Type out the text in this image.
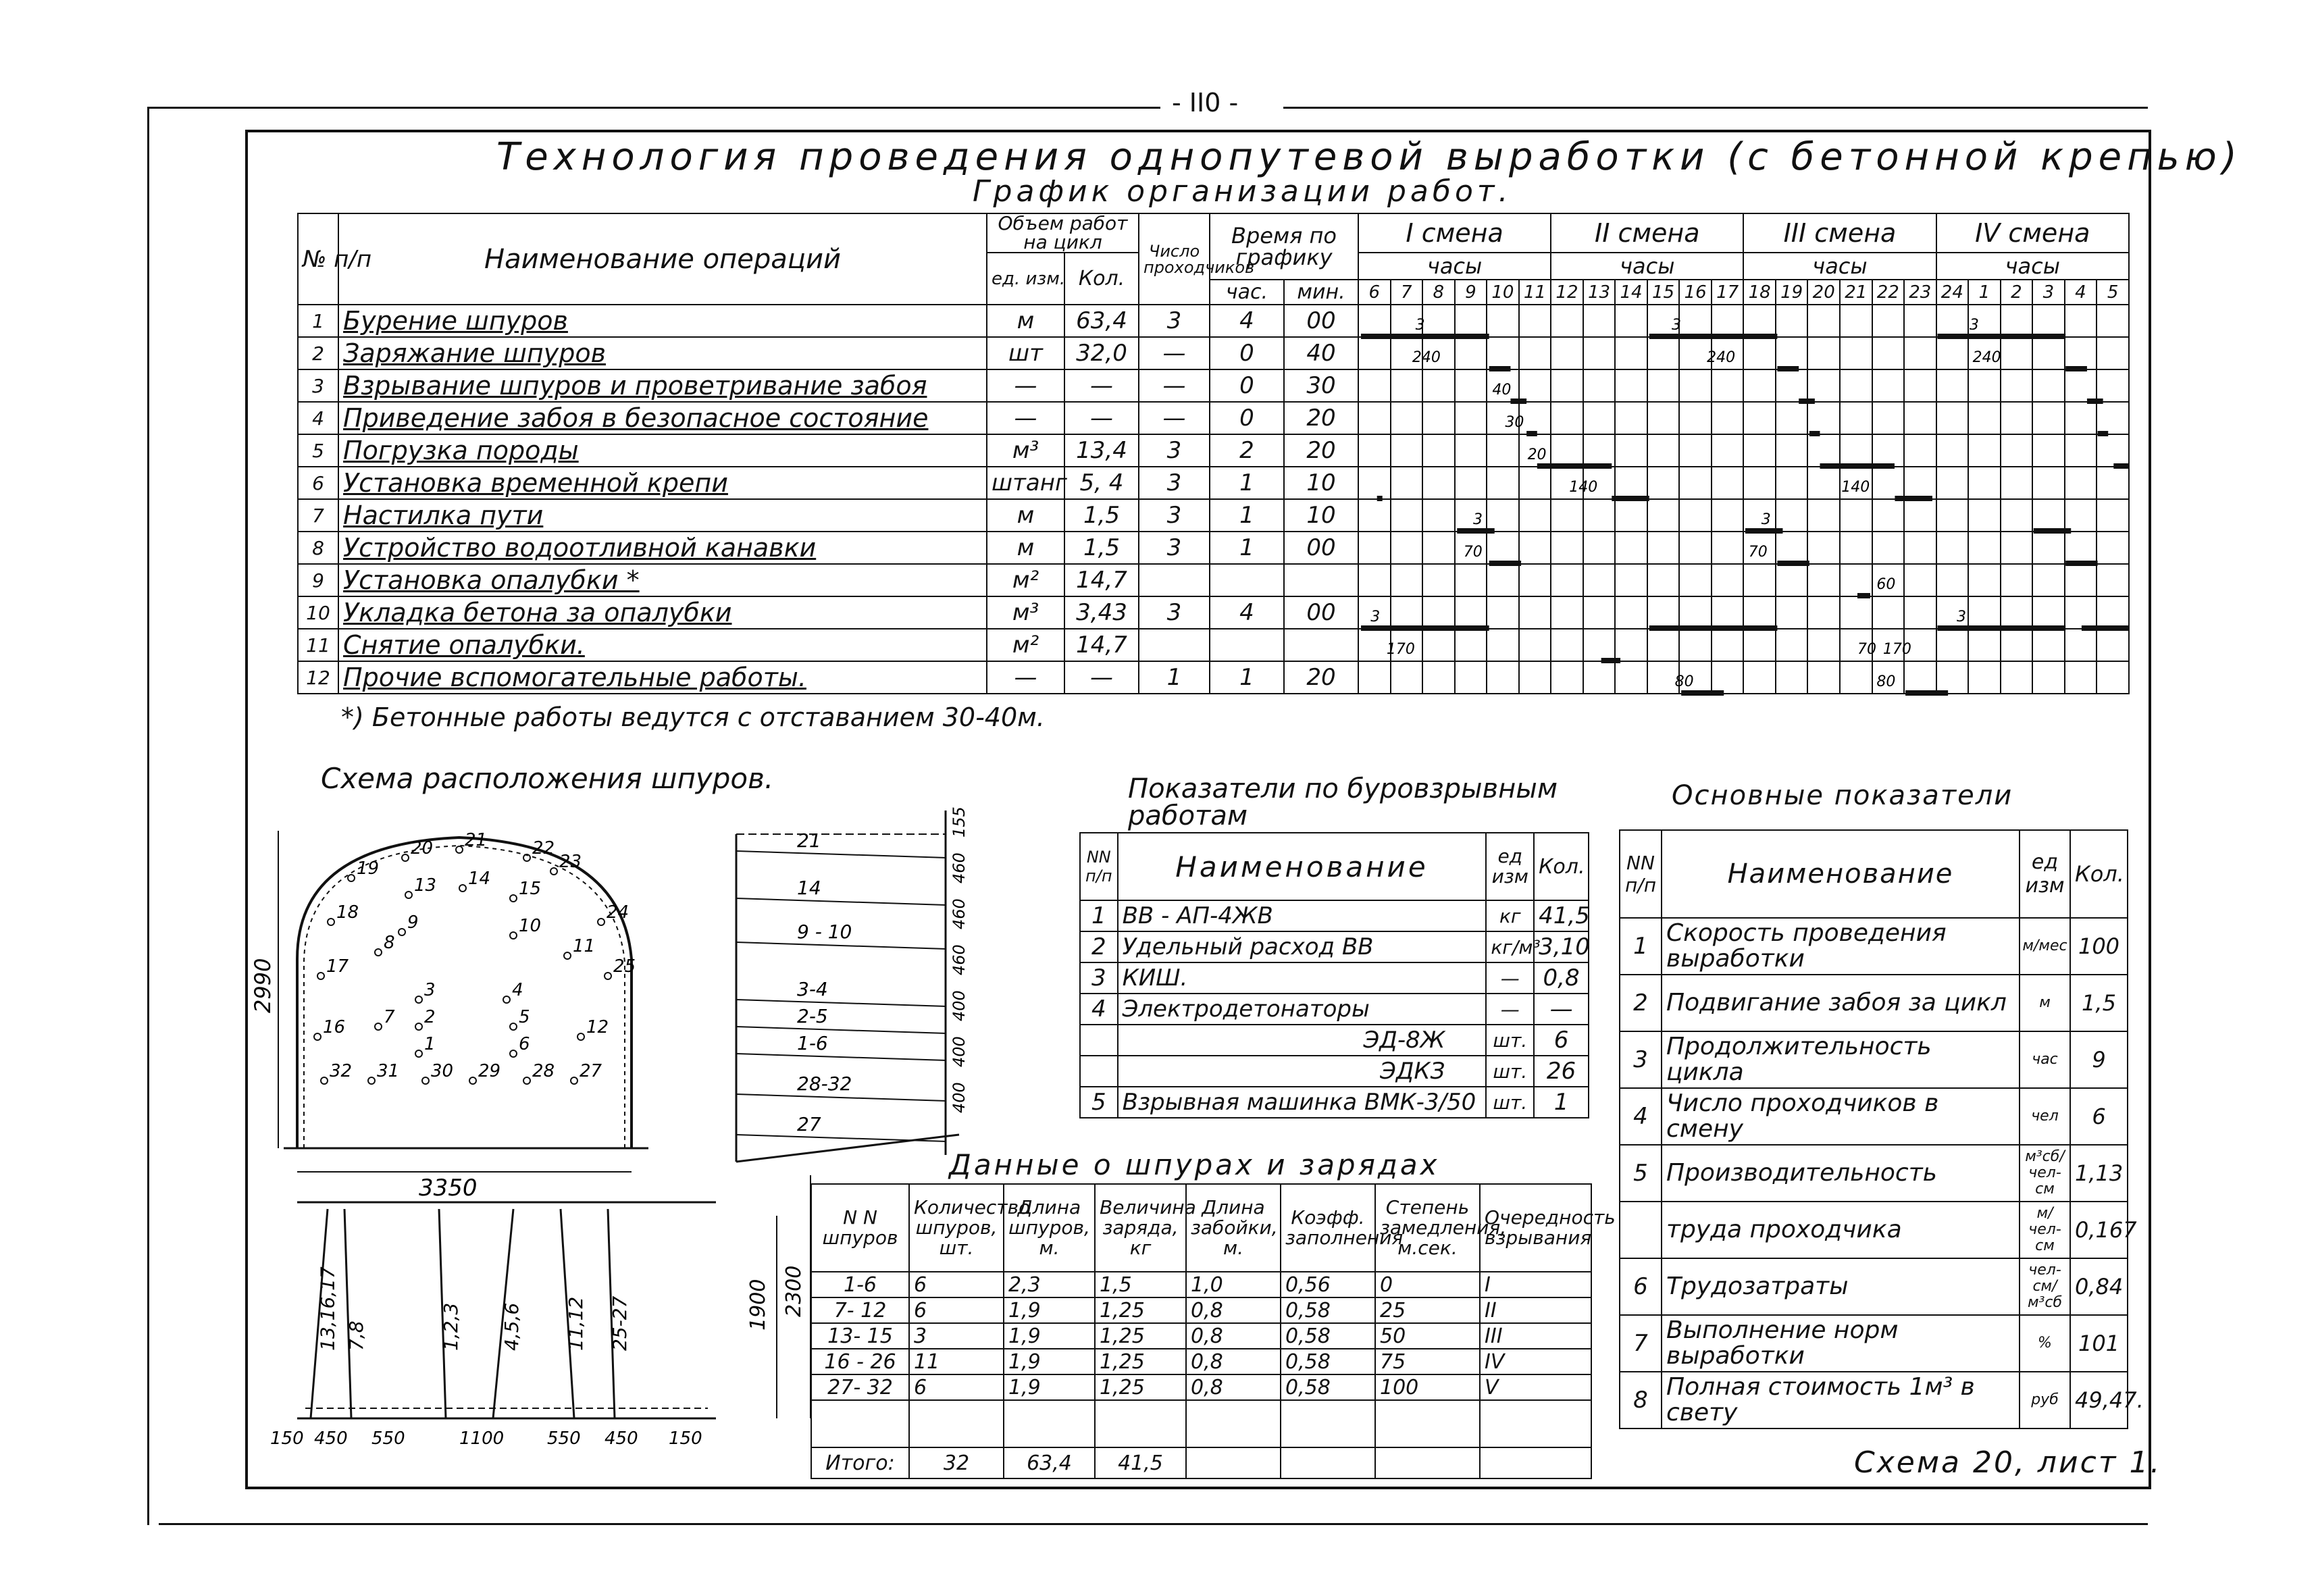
- II0 -
Технология проведения однопутевой выработки (с бетонной крепью)
График организации работ.
№ п/п	Наименование операций	Объем работ на цикл		Число проходчиков	Время по графику		I смена						II смена						III смена						IV смена					
		ед. изм.	Кол.				часы						часы						часы						часы					
					час.	мин.	6	7	8	9	10	11	12	13	14	15	16	17	18	19	20	21	22	23	24	1	2	3	4	5
1	Бурение шпуров	м	63,4	3	4	00																								
2	Заряжание шпуров	шт	32,0	—	0	40																								
3	Взрывание шпуров и проветривание забоя	—	—	—	0	30																								
4	Приведение забоя в безопасное состояние	—	—	—	0	20																								
5	Погрузка породы	м³	13,4	3	2	20																								
6	Установка временной крепи	штанг	5, 4	3	1	10																								
7	Настилка пути	м	1,5	3	1	10																								
8	Устройство водоотливной канавки	м	1,5	3	1	00																								
9	Установка опалубки *	м²	14,7																											
10	Укладка бетона за опалубки	м³	3,43	3	4	00																								
11	Снятие опалубки.	м²	14,7																											
12	Прочие вспомогательные работы.	—	—	1	1	20																								
*) Бетонные работы ведутся с отставанием 30-40м.
3
240
40
30
20
140
3
70
3
170
80
3
240
140
3
70
170
80
3
240
60
3
70
Схема расположения шпуров.
3350
2990
20 21	22
19	23
14
13	15
18	24
9	10
17
8	11
25
3	4
16 7 2	5	12
1	6
32 31 30 29 28 27
21
14
9 - 10
3-4
2-5
1-6
28-32
27
155
460
460
460
400
400
400
13,16,17 7,8	1,2,3 4,5,6 11,12 25-27
150 450 550	1100 550 450 150
1900 2300
Показатели по буровзрывным работам
NN п/п	Наименование	ед изм	Кол.
1	ВВ - АП-4ЖВ	кг	41,5
2	Удельный расход ВВ	кг/м³	3,10
3	КИШ.	—	0,8
4	Электродетонаторы	—	—
	ЭД-8Ж	шт.	6
	ЭДКЗ	шт.	26
5	Взрывная машинка ВМК-3/50	шт.	1
Данные о шпурах и зарядах
N N шпуров	Количество шпуров, шт.	Длина шпуров, м.	Величина заряда, кг	Длина забойки, м.	Коэфф. заполнения	Степень замедления, м.сек.	Очередность взрывания
1-6	6	2,3	1,5	1,0	0,56	0	I
7- 12	6	1,9	1,25	0,8	0,58	25	II
13- 15	3	1,9	1,25	0,8	0,58	50	III
16 - 26	11	1,9	1,25	0,8	0,58	75	IV
27- 32	6	1,9	1,25	0,8	0,58	100	V

Итого:	32	63,4	41,5				
Основные показатели
NN п/п	Наименование	ед изм	Кол.
1	Скорость проведения выработки	м/мес	100
2	Подвигание забоя за цикл	м	1,5
3	Продолжительность цикла	час	9
4	Число проходчиков в смену	чел	6
5	Производительность	м³сб/чел-см	1,13
	труда проходчика	м/чел-см	0,167
6	Трудозатраты	чел-см/м³сб	0,84
7	Выполнение норм выработки	%	101
8	Полная стоимость 1м³ в свету	руб	49,47.
Схема 20, лист 1.
